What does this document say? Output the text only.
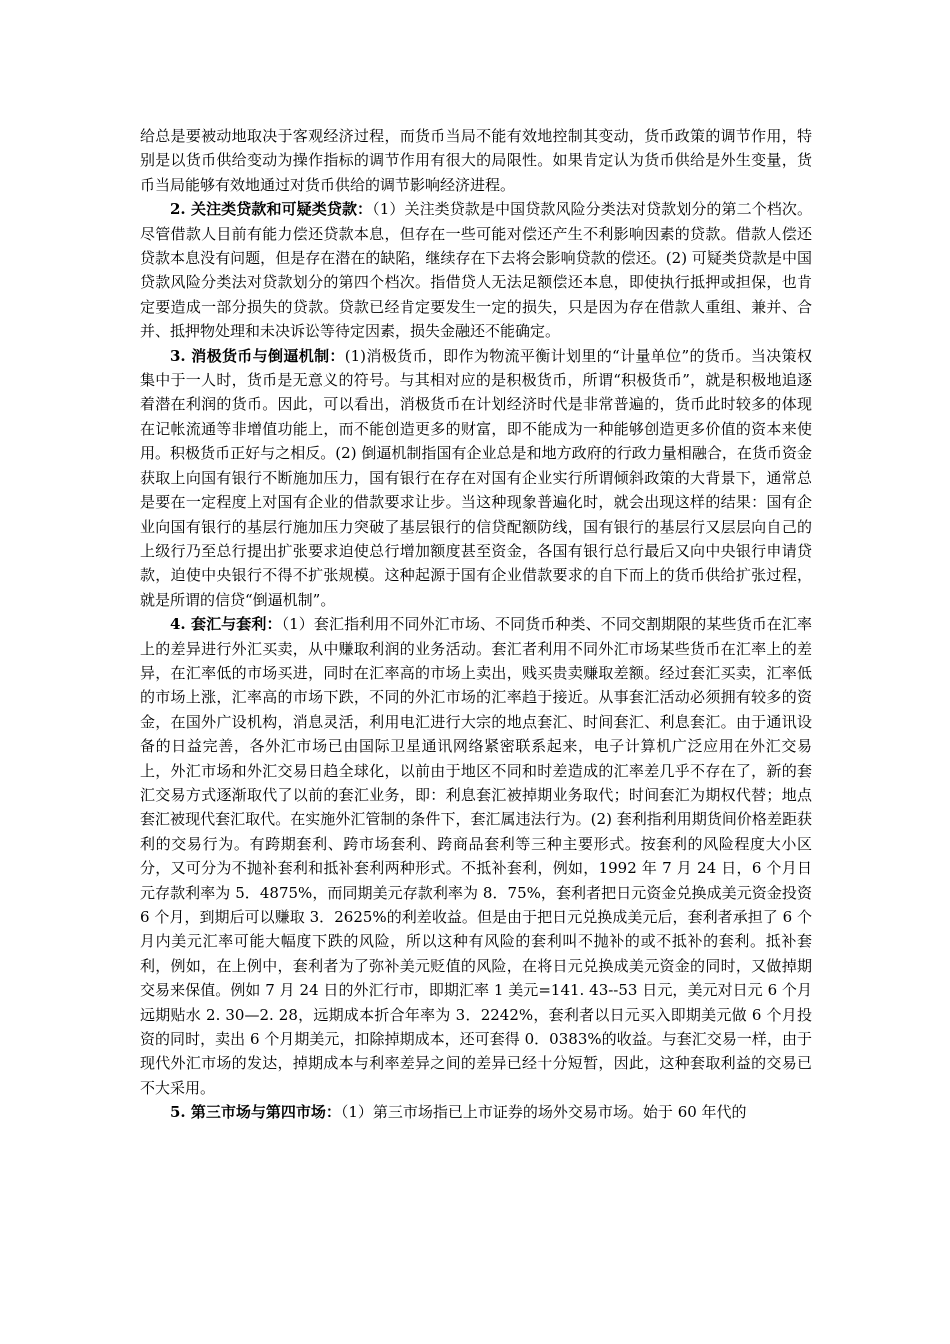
给总是要被动地取决于客观经济过程，而货币当局不能有效地控制其变动，货币政策的调节作用，特别是以货币供给变动为操作指标的调节作用有很大的局限性。如果肯定认为货币供给是外生变量，货币当局能够有效地通过对货币供给的调节影响经济进程。

2. 关注类贷款和可疑类贷款：（1）关注类贷款是中国贷款风险分类法对贷款划分的第二个档次。尽管借款人目前有能力偿还贷款本息，但存在一些可能对偿还产生不利影响因素的贷款。借款人偿还贷款本息没有问题，但是存在潜在的缺陷，继续存在下去将会影响贷款的偿还。(2) 可疑类贷款是中国贷款风险分类法对贷款划分的第四个档次。指借贷人无法足额偿还本息，即使执行抵押或担保，也肯定要造成一部分损失的贷款。贷款已经肯定要发生一定的损失，只是因为存在借款人重组、兼并、合并、抵押物处理和未决诉讼等待定因素，损失金融还不能确定。

3. 消极货币与倒逼机制：(1)消极货币，即作为物流平衡计划里的“计量单位”的货币。当决策权集中于一人时，货币是无意义的符号。与其相对应的是积极货币，所谓“积极货币”，就是积极地追逐着潜在利润的货币。因此，可以看出，消极货币在计划经济时代是非常普遍的，货币此时较多的体现在记帐流通等非增值功能上，而不能创造更多的财富，即不能成为一种能够创造更多价值的资本来使用。积极货币正好与之相反。(2) 倒逼机制指国有企业总是和地方政府的行政力量相融合，在货币资金获取上向国有银行不断施加压力，国有银行在存在对国有企业实行所谓倾斜政策的大背景下，通常总是要在一定程度上对国有企业的借款要求让步。当这种现象普遍化时，就会出现这样的结果：国有企业向国有银行的基层行施加压力突破了基层银行的信贷配额防线，国有银行的基层行又层层向自己的上级行乃至总行提出扩张要求迫使总行增加额度甚至资金，各国有银行总行最后又向中央银行申请贷款，迫使中央银行不得不扩张规模。这种起源于国有企业借款要求的自下而上的货币供给扩张过程，就是所谓的信贷“倒逼机制”。

4. 套汇与套利：（1）套汇指利用不同外汇市场、不同货币种类、不同交割期限的某些货币在汇率上的差异进行外汇买卖，从中赚取利润的业务活动。套汇者利用不同外汇市场某些货币在汇率上的差异，在汇率低的市场买进，同时在汇率高的市场上卖出，贱买贵卖赚取差额。经过套汇买卖，汇率低的市场上涨，汇率高的市场下跌，不同的外汇市场的汇率趋于接近。从事套汇活动必须拥有较多的资金，在国外广设机构，消息灵活，利用电汇进行大宗的地点套汇、时间套汇、利息套汇。由于通讯设备的日益完善，各外汇市场已由国际卫星通讯网络紧密联系起来，电子计算机广泛应用在外汇交易上，外汇市场和外汇交易日趋全球化，以前由于地区不同和时差造成的汇率差几乎不存在了，新的套汇交易方式逐渐取代了以前的套汇业务，即：利息套汇被掉期业务取代；时间套汇为期权代替；地点套汇被现代套汇取代。在实施外汇管制的条件下，套汇属违法行为。(2) 套利指利用期货间价格差距获利的交易行为。有跨期套利、跨市场套利、跨商品套利等三种主要形式。按套利的风险程度大小区分，又可分为不抛补套利和抵补套利两种形式。不抵补套利，例如，1992 年 7 月 24 日，6 个月日元存款利率为 5．4875%，而同期美元存款利率为 8．75%，套利者把日元资金兑换成美元资金投资 6 个月，到期后可以赚取 3．2625%的利差收益。但是由于把日元兑换成美元后，套利者承担了 6 个月内美元汇率可能大幅度下跌的风险，所以这种有风险的套利叫不抛补的或不抵补的套利。抵补套利，例如，在上例中，套利者为了弥补美元贬值的风险，在将日元兑换成美元资金的同时，又做掉期交易来保值。例如 7 月 24 日的外汇行市，即期汇率 1 美元=141. 43--53 日元，美元对日元 6 个月远期贴水 2. 30—2. 28，远期成本折合年率为 3．2242%，套利者以日元买入即期美元做 6 个月投资的同时，卖出 6 个月期美元，扣除掉期成本，还可套得 0．0383%的收益。与套汇交易一样，由于现代外汇市场的发达，掉期成本与利率差异之间的差异已经十分短暂，因此，这种套取利益的交易已不大采用。

5. 第三市场与第四市场：（1）第三市场指已上市证券的场外交易市场。始于 60 年代的
